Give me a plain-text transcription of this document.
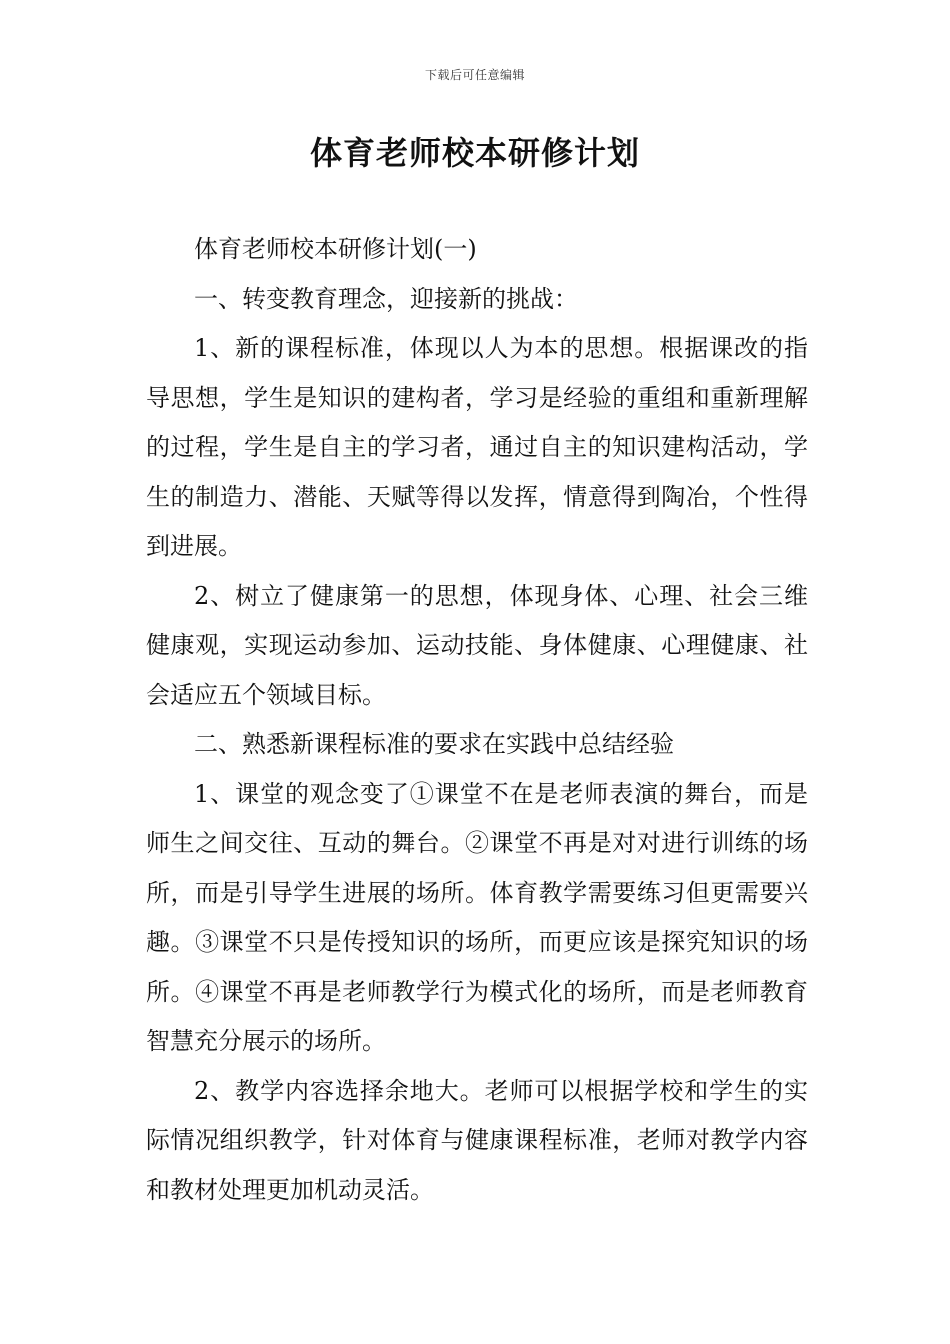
下载后可任意编辑
体育老师校本研修计划

体育老师校本研修计划(一)

一、转变教育理念，迎接新的挑战：

1、新的课程标准，体现以人为本的思想。根据课改的指导思想，学生是知识的建构者，学习是经验的重组和重新理解的过程，学生是自主的学习者，通过自主的知识建构活动，学生的制造力、潜能、天赋等得以发挥，情意得到陶冶，个性得到进展。

2、树立了健康第一的思想，体现身体、心理、社会三维健康观，实现运动参加、运动技能、身体健康、心理健康、社会适应五个领域目标。

二、熟悉新课程标准的要求在实践中总结经验

1、课堂的观念变了①课堂不在是老师表演的舞台，而是师生之间交往、互动的舞台。②课堂不再是对对进行训练的场所，而是引导学生进展的场所。体育教学需要练习但更需要兴趣。③课堂不只是传授知识的场所，而更应该是探究知识的场所。④课堂不再是老师教学行为模式化的场所，而是老师教育智慧充分展示的场所。

2、教学内容选择余地大。老师可以根据学校和学生的实际情况组织教学，针对体育与健康课程标准，老师对教学内容和教材处理更加机动灵活。
